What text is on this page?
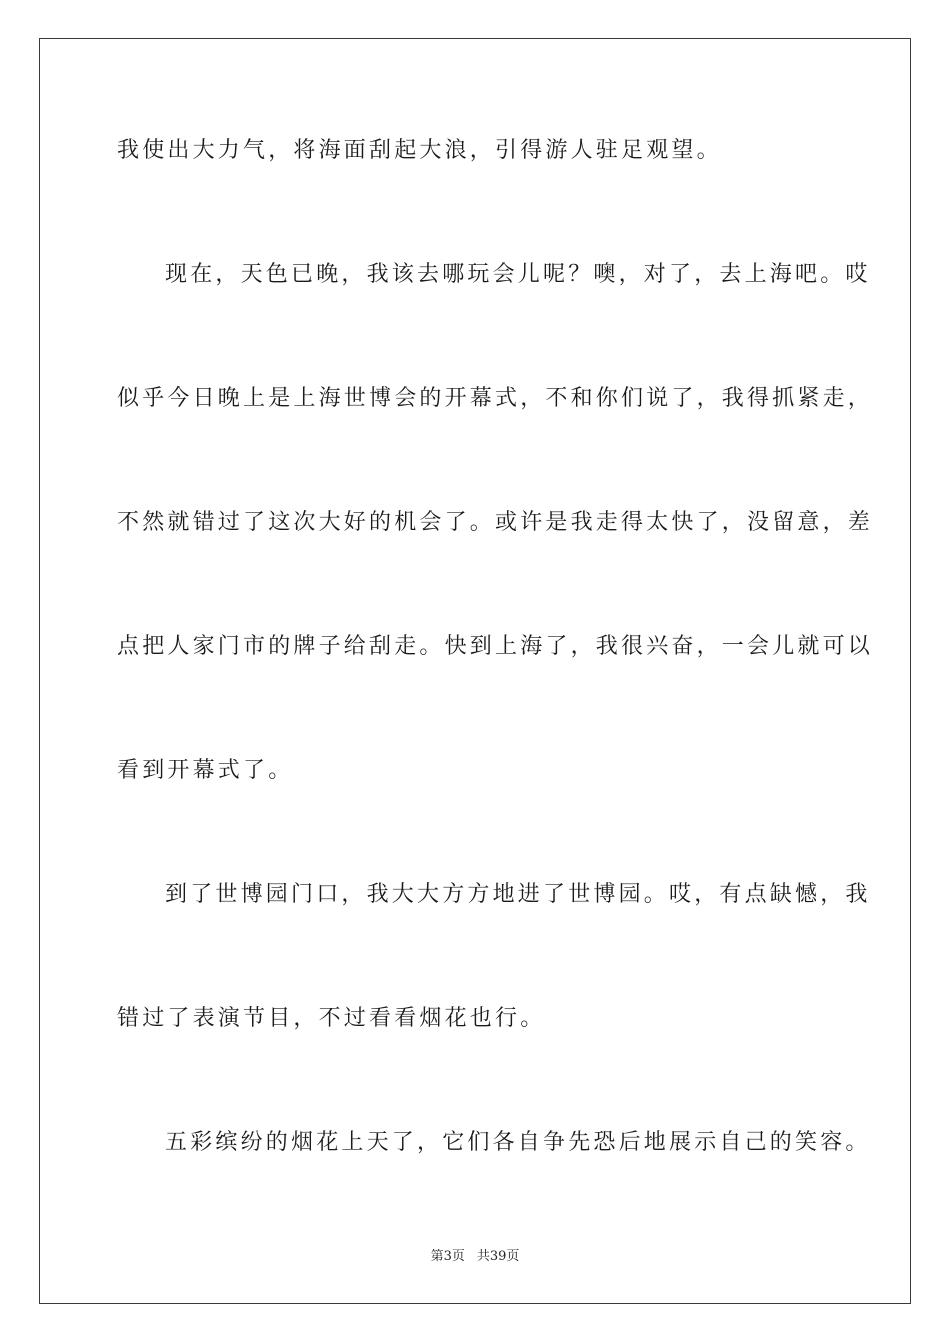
我使出大力气，将海面刮起大浪，引得游人驻足观望。
现在，天色已晚，我该去哪玩会儿呢？噢，对了，去上海吧。哎
似乎今日晚上是上海世博会的开幕式，不和你们说了，我得抓紧走，
不然就错过了这次大好的机会了。或许是我走得太快了，没留意，差
点把人家门市的牌子给刮走。快到上海了，我很兴奋，一会儿就可以
看到开幕式了。
到了世博园门口，我大大方方地进了世博园。哎，有点缺憾，我
错过了表演节目，不过看看烟花也行。
五彩缤纷的烟花上天了，它们各自争先恐后地展示自己的笑容。
第3页 共39页
